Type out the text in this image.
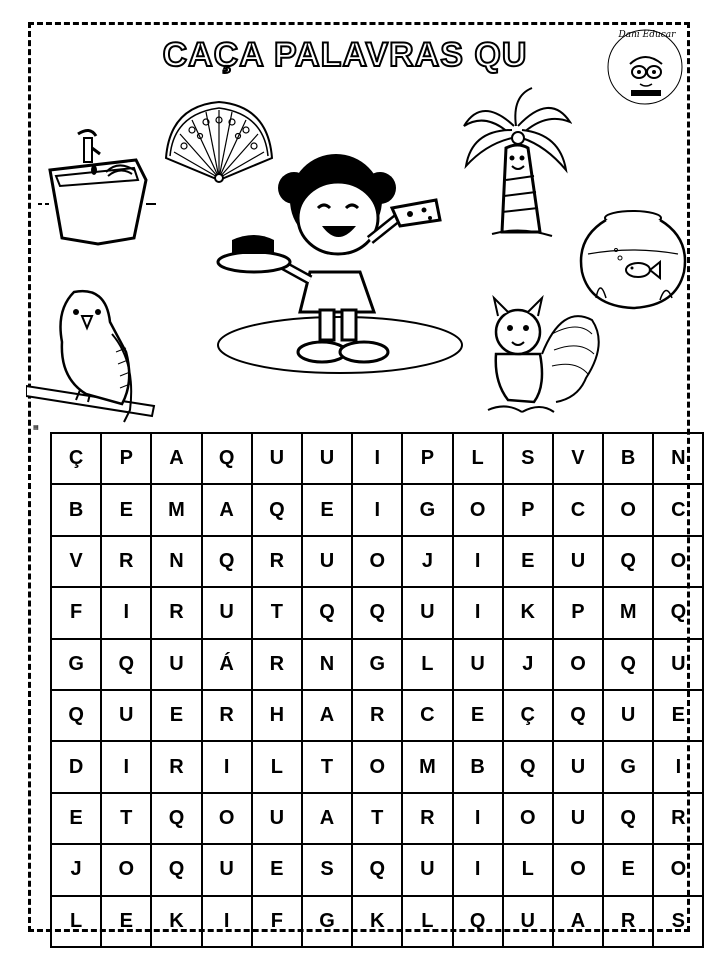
CAÇA PALAVRAS QU
Dani Educar
▦
Ç	P	A	Q	U	U	I	P	L	S	V	B	N
B	E	M	A	Q	E	I	G	O	P	C	O	C
V	R	N	Q	R	U	O	J	I	E	U	Q	O
F	I	R	U	T	Q	Q	U	I	K	P	M	Q
G	Q	U	Á	R	N	G	L	U	J	O	Q	U
Q	U	E	R	H	A	R	C	E	Ç	Q	U	E
D	I	R	I	L	T	O	M	B	Q	U	G	I
E	T	Q	O	U	A	T	R	I	O	U	Q	R
J	O	Q	U	E	S	Q	U	I	L	O	E	O
L	E	K	I	F	G	K	L	Q	U	A	R	S
